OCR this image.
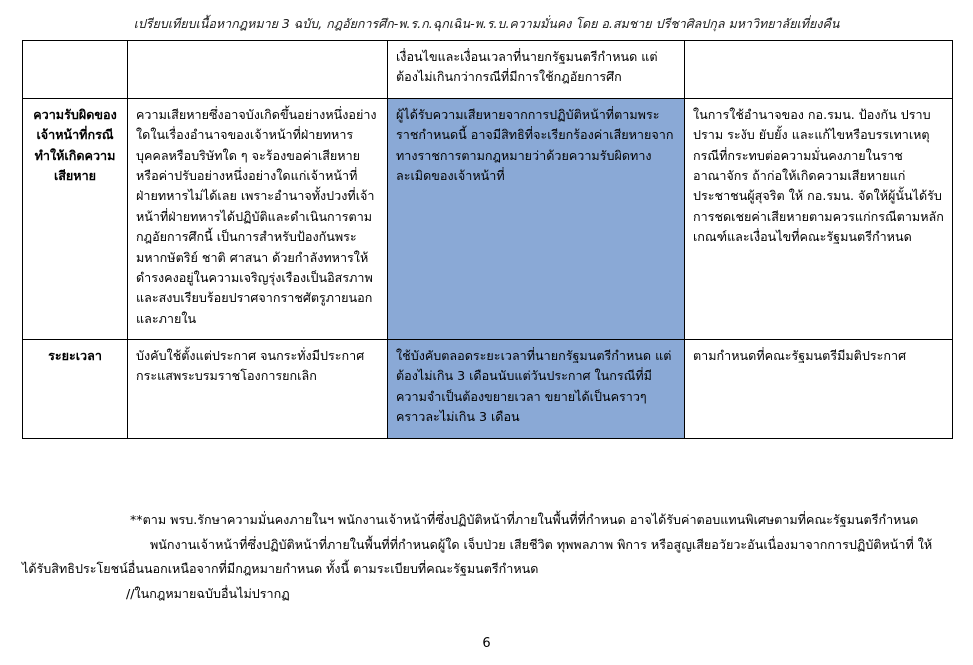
เปรียบเทียบเนื้อหากฎหมาย 3 ฉบับ, กฎอัยการศึก-พ.ร.ก.ฉุกเฉิน-พ.ร.บ.ความมั่นคง โดย อ.สมชาย ปรีชาศิลปกุล มหาวิทยาลัยเที่ยงคืน
		เงื่อนไขและเงื่อนเวลาที่นายกรัฐมนตรีกำหนด แต่ต้องไม่เกินกว่ากรณีที่มีการใช้กฎอัยการศึก	
ความรับผิดของเจ้าหน้าที่กรณีทำให้เกิดความเสียหาย	ความเสียหายซึ่งอาจบังเกิดขึ้นอย่างหนึ่งอย่างใดในเรื่องอำนาจของเจ้าหน้าที่ฝ่ายทหาร บุคคลหรือบริษัทใด ๆ จะร้องขอค่าเสียหายหรือค่าปรับอย่างหนึ่งอย่างใดแก่เจ้าหน้าที่ฝ่ายทหารไม่ได้เลย เพราะอำนาจทั้งปวงที่เจ้าหน้าที่ฝ่ายทหารได้ปฏิบัติและดำเนินการตามกฎอัยการศึกนี้ เป็นการสำหรับป้องกันพระมหากษัตริย์ ชาติ ศาสนา ด้วยกำลังทหารให้ดำรงคงอยู่ในความเจริญรุ่งเรืองเป็นอิสรภาพ และสงบเรียบร้อยปราศจากราชศัตรูภายนอกและภายใน	ผู้ได้รับความเสียหายจากการปฏิบัติหน้าที่ตามพระราชกำหนดนี้ อาจมีสิทธิที่จะเรียกร้องค่าเสียหายจากทางราชการตามกฎหมายว่าด้วยความรับผิดทางละเมิดของเจ้าหน้าที่	ในการใช้อำนาจของ กอ.รมน. ป้องกัน ปราบปราม ระงับ ยับยั้ง และแก้ไขหรือบรรเทาเหตุกรณีที่กระทบต่อความมั่นคงภายในราชอาณาจักร ถ้าก่อให้เกิดความเสียหายแก่ประชาชนผู้สุจริต ให้ กอ.รมน. จัดให้ผู้นั้นได้รับการชดเชยค่าเสียหายตามควรแก่กรณีตามหลักเกณฑ์และเงื่อนไขที่คณะรัฐมนตรีกำหนด
ระยะเวลา	บังคับใช้ตั้งแต่ประกาศ จนกระทั่งมีประกาศกระแสพระบรมราชโองการยกเลิก	ใช้บังคับตลอดระยะเวลาที่นายกรัฐมนตรีกำหนด แต่ต้องไม่เกิน 3 เดือนนับแต่วันประกาศ ในกรณีที่มีความจำเป็นต้องขยายเวลา ขยายได้เป็นคราวๆ คราวละไม่เกิน 3 เดือน	ตามกำหนดที่คณะรัฐมนตรีมีมติประกาศ
**ตาม พรบ.รักษาความมั่นคงภายในฯ พนักงานเจ้าหน้าที่ซึ่งปฏิบัติหน้าที่ภายในพื้นที่ที่กำหนด อาจได้รับค่าตอบแทนพิเศษตามที่คณะรัฐมนตรีกำหนด
พนักงานเจ้าหน้าที่ซึ่งปฏิบัติหน้าที่ภายในพื้นที่ที่กำหนดผู้ใด เจ็บป่วย เสียชีวิต ทุพพลภาพ พิการ หรือสูญเสียอวัยวะอันเนื่องมาจากการปฏิบัติหน้าที่ ให้
ได้รับสิทธิประโยชน์อื่นนอกเหนือจากที่มีกฎหมายกำหนด ทั้งนี้ ตามระเบียบที่คณะรัฐมนตรีกำหนด
//ในกฎหมายฉบับอื่นไม่ปรากฏ
6
